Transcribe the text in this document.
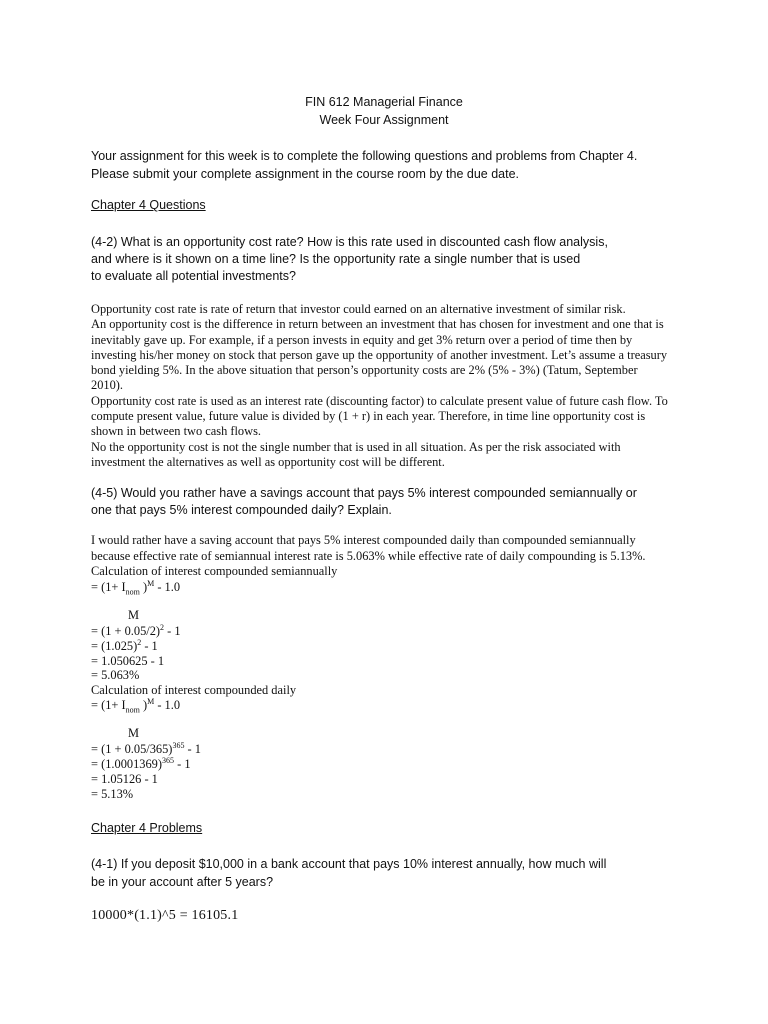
FIN 612 Managerial Finance
Week Four Assignment
Your assignment for this week is to complete the following questions and problems from Chapter 4.
Please submit your complete assignment in the course room by the due date.
Chapter 4 Questions
(4-2) What is an opportunity cost rate? How is this rate used in discounted cash flow analysis,
and where is it shown on a time line? Is the opportunity rate a single number that is used
to evaluate all potential investments?
Opportunity cost rate is rate of return that investor could earned on an alternative investment of similar risk.
An opportunity cost is the difference in return between an investment that has chosen for investment and one that is
inevitably gave up. For example, if a person invests in equity and get 3% return over a period of time then by
investing his/her money on stock that person gave up the opportunity of another investment. Let’s assume a treasury
bond yielding 5%. In the above situation that person’s opportunity costs are 2% (5% - 3%) (Tatum, September
2010).
Opportunity cost rate is used as an interest rate (discounting factor) to calculate present value of future cash flow. To
compute present value, future value is divided by (1 + r) in each year. Therefore, in time line opportunity cost is
shown in between two cash flows.
No the opportunity cost is not the single number that is used in all situation. As per the risk associated with
investment the alternatives as well as opportunity cost will be different.
(4-5) Would you rather have a savings account that pays 5% interest compounded semiannually or
one that pays 5% interest compounded daily? Explain.
I would rather have a saving account that pays 5% interest compounded daily than compounded semiannually
because effective rate of semiannual interest rate is 5.063% while effective rate of daily compounding is 5.13%.
Calculation of interest compounded semiannually
= ($1+ I_{nom}$ )$^M$ - 1.0
M
= $(1 + 0.05/2)^2 - 1$
= $(1.025)^2 - 1$
= 1.050625 - 1
= 5.063%
Calculation of interest compounded daily
= ($1+ I_{nom}$ )$^M$ - 1.0
M
= $(1 + 0.05/365)^{365} - 1$
= $(1.0001369)^{365} - 1$
= 1.05126 - 1
= 5.13%
Chapter 4 Problems
(4-1) If you deposit $10,000 in a bank account that pays 10% interest annually, how much will
be in your account after 5 years?
10000*(1.1)^5 = 16105.1
